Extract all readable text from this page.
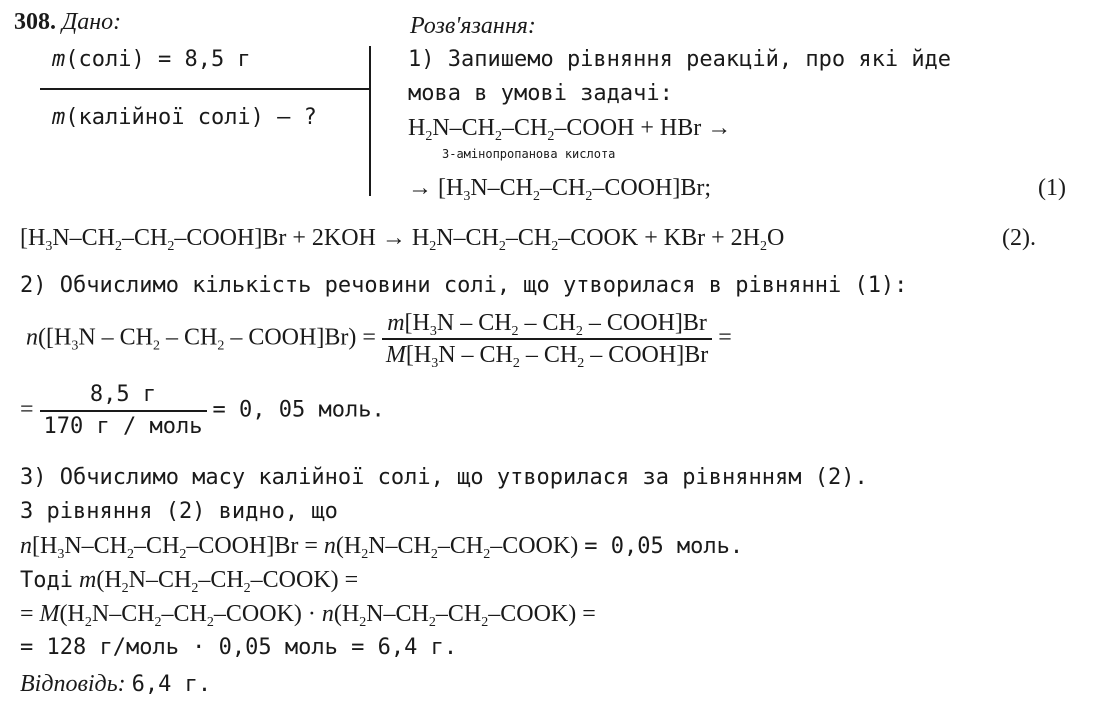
308. Дано:
m(солі) = 8,5 г
m(калійної солі) — ?
Розв'язання:
1) Запишемо рівняння реакцій, про які йде
мова в умові задачі:
$H_2N-CH_2-CH_2$–COOH + HBr →
3-амінопропанова кислота
→ $[H_3N-CH_2-CH_2-COOH]Br$;	(1)
$[H_3N-CH_2-CH_2-COOH]Br + 2KOH$ → $H_2N-CH_2-CH_2$–COOK + KBr + $2H_2O$	(2).
2) Обчислимо кількість речовини солі, що утворилася в рівнянні (1):
$n([H_3N - CH_2 - CH_2$ – COOH]Br) = $\frac{m[H_3N - CH_2 - CH_2 - COOH]Br}{M[H_3N - CH_2 - CH_2 - COOH]Br}$ =
= $\frac{8,5 г}{\text{170 г / моль}} = 0$, 05 моль.
3) Обчислимо масу калійної солі, що утворилася за рівнянням (2).
З рівняння (2) видно, що
$n[H_3N-CH_2-CH_2-COOH]Br$ = $n(H_2N-CH_2-CH_2-COOK) = 0,05$ моль.
Тоді $m(H_2N-CH_2-CH_2-COOK)$ =
= $M(H_2N-CH_2-CH_2-COOK)$ · $n(H_2N-CH_2-CH_2-COOK)$ =
= 128 г/моль · 0,05 моль = 6,4 г.
Відповідь: 6,4 г.
